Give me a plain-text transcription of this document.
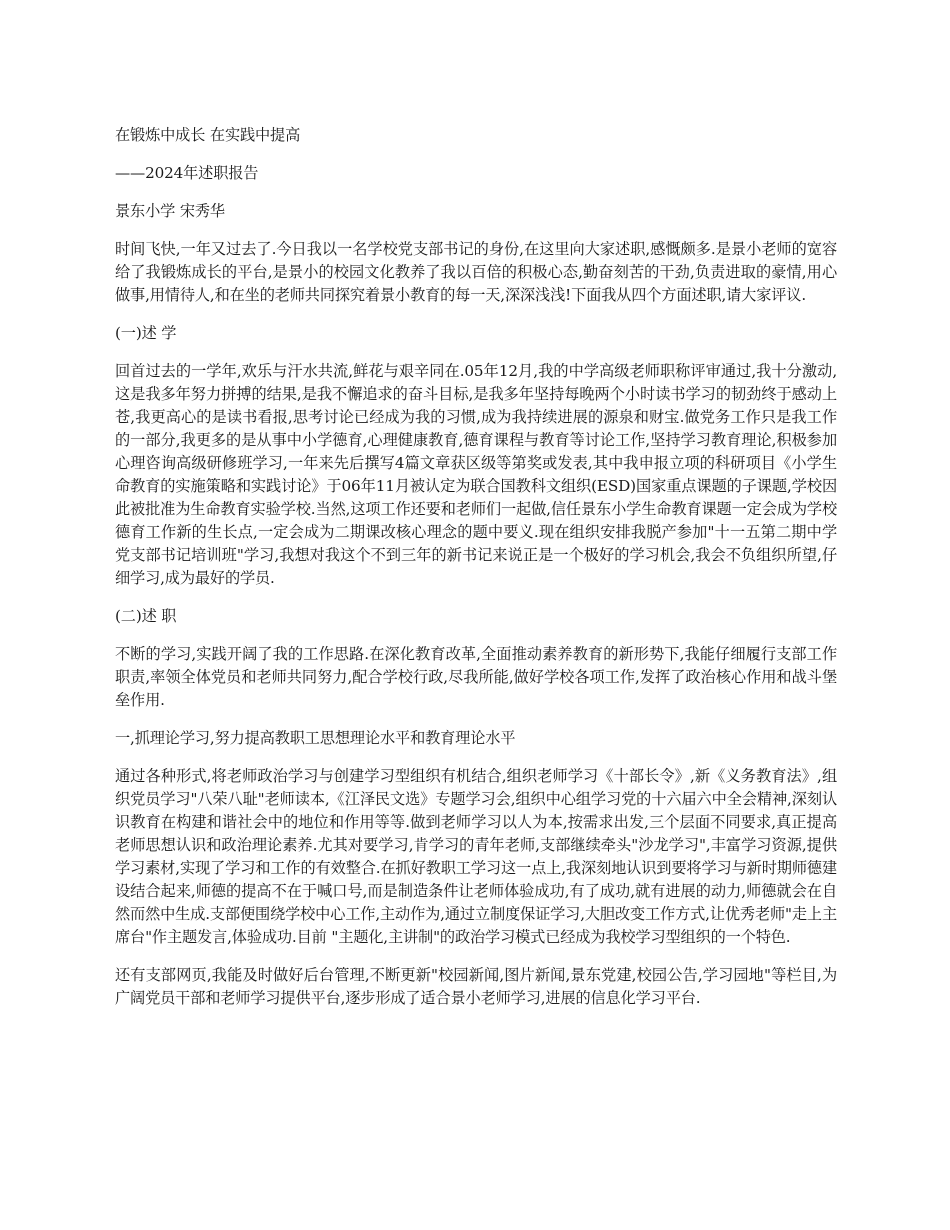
在锻炼中成长 在实践中提高
——2024年述职报告
景东小学 宋秀华
时间飞快,一年又过去了.今日我以一名学校党支部书记的身份,在这里向大家述职,感慨颇多.是景小老师的宽容给了我锻炼成长的平台,是景小的校园文化教养了我以百倍的积极心态,勤奋刻苦的干劲,负责进取的豪情,用心做事,用情待人,和在坐的老师共同探究着景小教育的每一天,深深浅浅!下面我从四个方面述职,请大家评议.
(一)述 学
回首过去的一学年,欢乐与汗水共流,鲜花与艰辛同在.05年12月,我的中学高级老师职称评审通过,我十分激动,这是我多年努力拼搏的结果,是我不懈追求的奋斗目标,是我多年坚持每晚两个小时读书学习的韧劲终于感动上苍,我更高心的是读书看报,思考讨论已经成为我的习惯,成为我持续进展的源泉和财宝.做党务工作只是我工作的一部分,我更多的是从事中小学德育,心理健康教育,德育课程与教育等讨论工作,坚持学习教育理论,积极参加心理咨询高级研修班学习,一年来先后撰写4篇文章获区级等第奖或发表,其中我申报立项的科研项目《小学生命教育的实施策略和实践讨论》于06年11月被认定为联合国教科文组织(ESD)国家重点课题的子课题,学校因此被批准为生命教育实验学校.当然,这项工作还要和老师们一起做,信任景东小学生命教育课题一定会成为学校德育工作新的生长点,一定会成为二期课改核心理念的题中要义.现在组织安排我脱产参加"十一五第二期中学党支部书记培训班"学习,我想对我这个不到三年的新书记来说正是一个极好的学习机会,我会不负组织所望,仔细学习,成为最好的学员.
(二)述 职
不断的学习,实践开阔了我的工作思路.在深化教育改革,全面推动素养教育的新形势下,我能仔细履行支部工作职责,率领全体党员和老师共同努力,配合学校行政,尽我所能,做好学校各项工作,发挥了政治核心作用和战斗堡垒作用.
一,抓理论学习,努力提高教职工思想理论水平和教育理论水平
通过各种形式,将老师政治学习与创建学习型组织有机结合,组织老师学习《十部长令》,新《义务教育法》,组织党员学习"八荣八耻"老师读本,《江泽民文选》专题学习会,组织中心组学习党的十六届六中全会精神,深刻认识教育在构建和谐社会中的地位和作用等等.做到老师学习以人为本,按需求出发,三个层面不同要求,真正提高老师思想认识和政治理论素养.尤其对要学习,肯学习的青年老师,支部继续牵头"沙龙学习",丰富学习资源,提供学习素材,实现了学习和工作的有效整合.在抓好教职工学习这一点上,我深刻地认识到要将学习与新时期师德建设结合起来,师德的提高不在于喊口号,而是制造条件让老师体验成功,有了成功,就有进展的动力,师德就会在自然而然中生成.支部便围绕学校中心工作,主动作为,通过立制度保证学习,大胆改变工作方式,让优秀老师"走上主席台"作主题发言,体验成功.目前 "主题化,主讲制"的政治学习模式已经成为我校学习型组织的一个特色.
还有支部网页,我能及时做好后台管理,不断更新"校园新闻,图片新闻,景东党建,校园公告,学习园地"等栏目,为广阔党员干部和老师学习提供平台,逐步形成了适合景小老师学习,进展的信息化学习平台.
